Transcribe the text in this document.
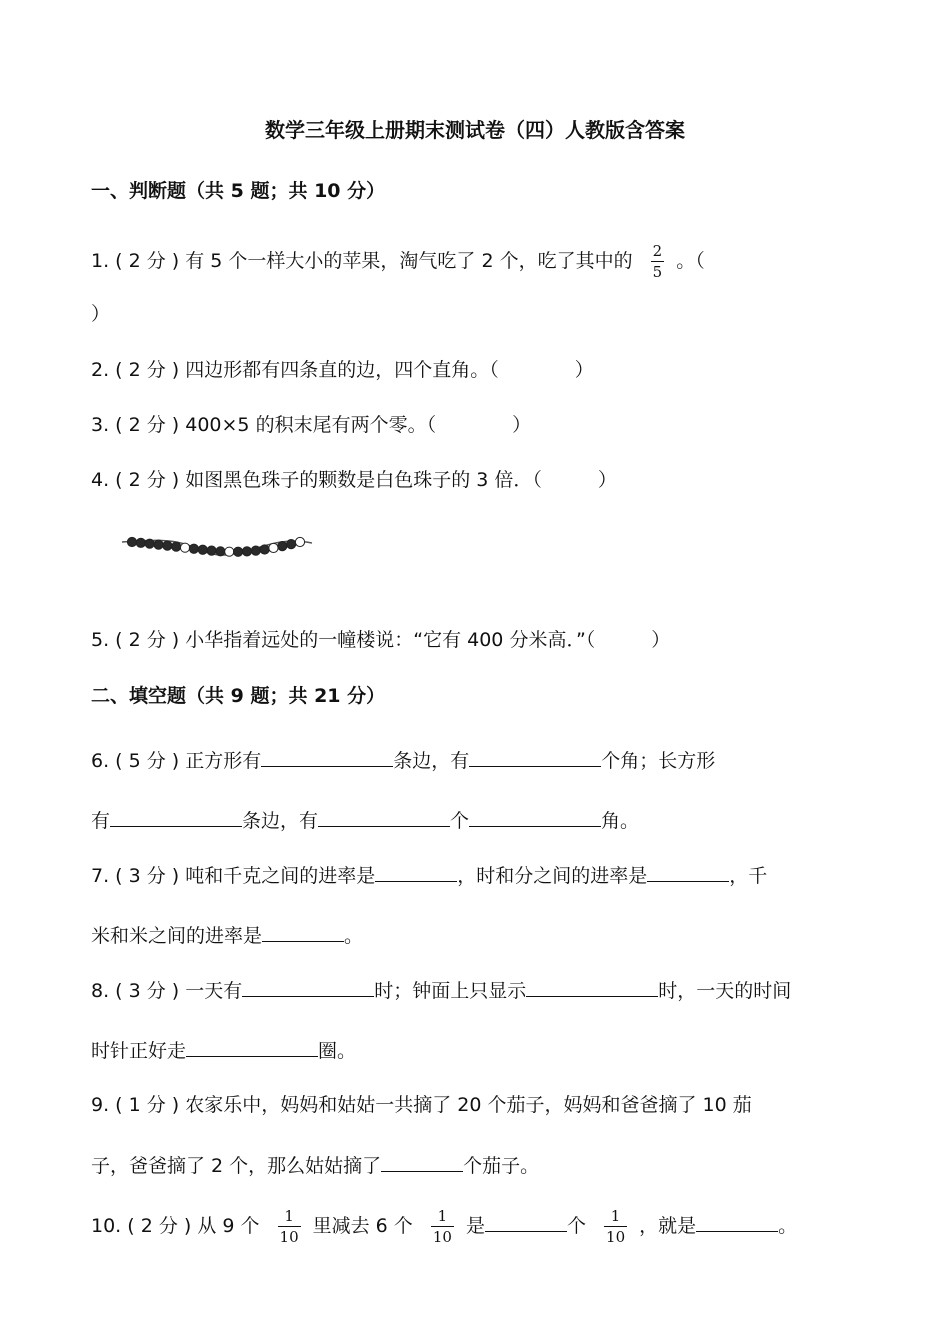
数学三年级上册期末测试卷（四）人教版含答案
一、判断题（共 5 题；共 10 分）
1. ( 2 分 ) 有 5 个一样大小的苹果，淘气吃了 2 个，吃了其中的 $\frac{2}{5}$ 。（
）
2. ( 2 分 ) 四边形都有四条直的边，四个直角。（	）
3. ( 2 分 ) 400×5 的积末尾有两个零。（	）
4. ( 2 分 ) 如图黑色珠子的颗数是白色珠子的 3 倍．（	）
5. ( 2 分 ) 小华指着远处的一幢楼说：“它有 400 分米高．”（	）
二、填空题（共 9 题；共 21 分）
6. ( 5 分 ) 正方形有	条边，有	个角；长方形
有	条边，有	个	角。
7. ( 3 分 ) 吨和千克之间的进率是	，时和分之间的进率是	，千
米和米之间的进率是	。
8. ( 3 分 ) 一天有	时；钟面上只显示	时，一天的时间
时针正好走	圈。
9. ( 1 分 ) 农家乐中，妈妈和姑姑一共摘了 20 个茄子，妈妈和爸爸摘了 10 茄
子，爸爸摘了 2 个，那么姑姑摘了	个茄子。
10. ( 2 分 ) 从 9 个 $\frac{1}{10}$ 里减去 6 个 $\frac{1}{10}$ 是	个 $\frac{1}{10}$ ，就是	。
